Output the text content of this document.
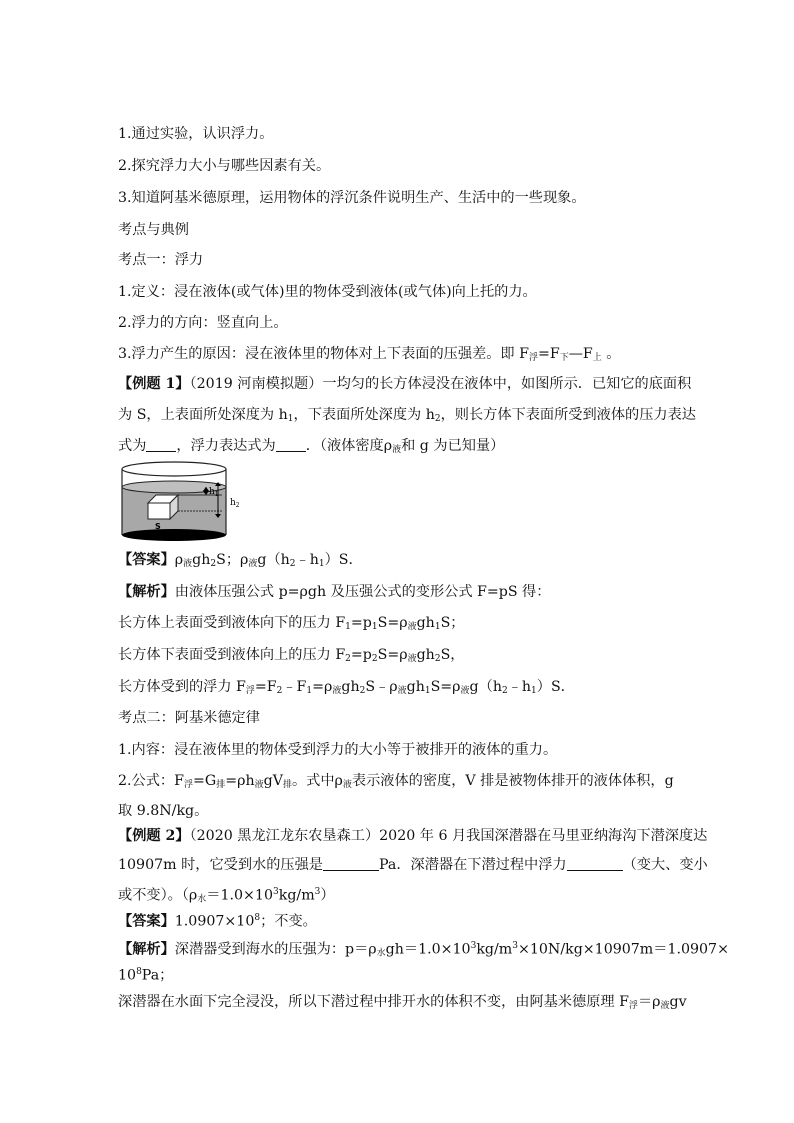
1.通过实验，认识浮力。
2.探究浮力大小与哪些因素有关。
3.知道阿基米德原理，运用物体的浮沉条件说明生产、生活中的一些现象。
考点与典例
考点一：浮力
1.定义：浸在液体(或气体)里的物体受到液体(或气体)向上托的力。
2.浮力的方向：竖直向上。
3.浮力产生的原因：浸在液体里的物体对上下表面的压强差。即 $F_浮=F_下—F_上$ 。
【例题 1】（2019 河南模拟题）一均匀的长方体浸没在液体中，如图所示．已知它的底面积
为 S，上表面所处深度为 $h_1$，下表面所处深度为 $h_2$，则长方体下表面所受到液体的压力表达
式为 ，浮力表达式为 ．（液体密度$\rho_液$和 g 为已知量）
$h_1$
$h_2$
S
【答案】$\rho_液gh_2S$；$\rho_液g(h_2﹣h_1)S$．
【解析】由液体压强公式 p=ρgh 及压强公式的变形公式 F=pS 得：
长方体上表面受到液体向下的压力 $F_1=p_1S=\rho_液gh_1S$；
长方体下表面受到液体向上的压力 $F_2=p_2S=\rho_液gh_2S$，
长方体受到的浮力 $F_浮=F_2﹣F_1=\rho_液gh_2S﹣\rho_液gh_1S=\rho_液g(h_2﹣h_1)S$．
考点二：阿基米德定律
1.内容：浸在液体里的物体受到浮力的大小等于被排开的液体的重力。
2.公式：$F_浮=G_排=\rho h_液gV_排$。式中$\rho_液$表示液体的密度，V 排是被物体排开的液体体积，g
取 9.8N/kg。
【例题 2】（2020 黑龙江龙东农垦森工）2020 年 6 月我国深潜器在马里亚纳海沟下潜深度达
10907m 时，它受到水的压强是	Pa．深潜器在下潜过程中浮力	（变大、变小
或不变）。$(\rho_水=1.0\times 10^3kg/m^3)$
【答案】$1.0907\times 10^8$；不变。
【解析】深潜器受到海水的压强为：$p=\rho_水gh=1.0\times 10^3kg/m^3\times 10N/kg\times 10907m=1.0907\times$
$10^8Pa$；
深潜器在水面下完全浸没，所以下潜过程中排开水的体积不变，由阿基米德原理 $F_浮=\rho_液gv$
